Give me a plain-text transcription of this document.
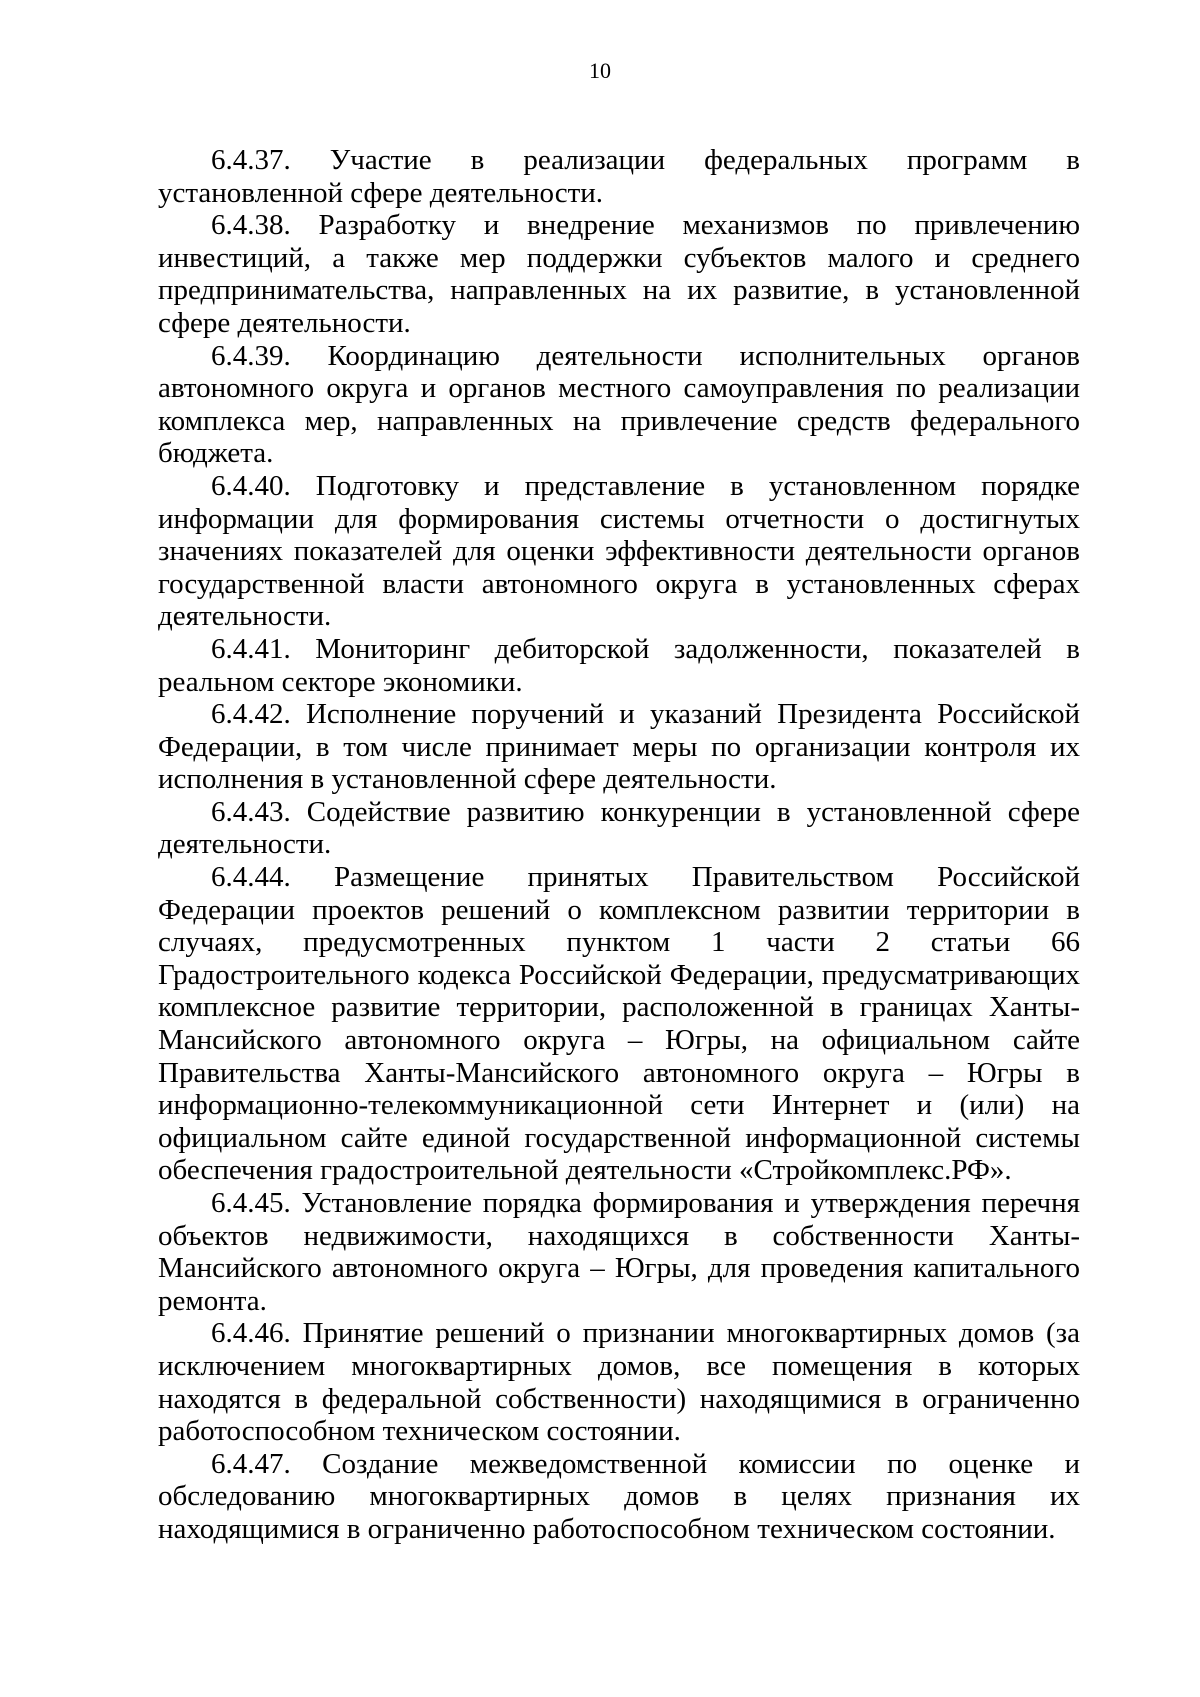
10

6.4.37. Участие в реализации федеральных программ в установленной сфере деятельности.

6.4.38. Разработку и внедрение механизмов по привлечению инвестиций, а также мер поддержки субъектов малого и среднего предпринимательства, направленных на их развитие, в установленной сфере деятельности.

6.4.39. Координацию деятельности исполнительных органов автономного округа и органов местного самоуправления по реализации комплекса мер, направленных на привлечение средств федерального бюджета.

6.4.40. Подготовку и представление в установленном порядке информации для формирования системы отчетности о достигнутых значениях показателей для оценки эффективности деятельности органов государственной власти автономного округа в установленных сферах деятельности.

6.4.41. Мониторинг дебиторской задолженности, показателей в реальном секторе экономики.

6.4.42. Исполнение поручений и указаний Президента Российской Федерации, в том числе принимает меры по организации контроля их исполнения в установленной сфере деятельности.

6.4.43. Содействие развитию конкуренции в установленной сфере деятельности.

6.4.44. Размещение принятых Правительством Российской Федерации проектов решений о комплексном развитии территории в случаях, предусмотренных пунктом 1 части 2 статьи 66 Градостроительного кодекса Российской Федерации, предусматривающих комплексное развитие территории, расположенной в границах Ханты-Мансийского автономного округа – Югры, на официальном сайте Правительства Ханты-Мансийского автономного округа – Югры в информационно-телекоммуникационной сети Интернет и (или) на официальном сайте единой государственной информационной системы обеспечения градостроительной деятельности «Стройкомплекс.РФ».

6.4.45. Установление порядка формирования и утверждения перечня объектов недвижимости, находящихся в собственности Ханты-Мансийского автономного округа – Югры, для проведения капитального ремонта.

6.4.46. Принятие решений о признании многоквартирных домов (за исключением многоквартирных домов, все помещения в которых находятся в федеральной собственности) находящимися в ограниченно работоспособном техническом состоянии.

6.4.47. Создание межведомственной комиссии по оценке и обследованию многоквартирных домов в целях признания их находящимися в ограниченно работоспособном техническом состоянии.
